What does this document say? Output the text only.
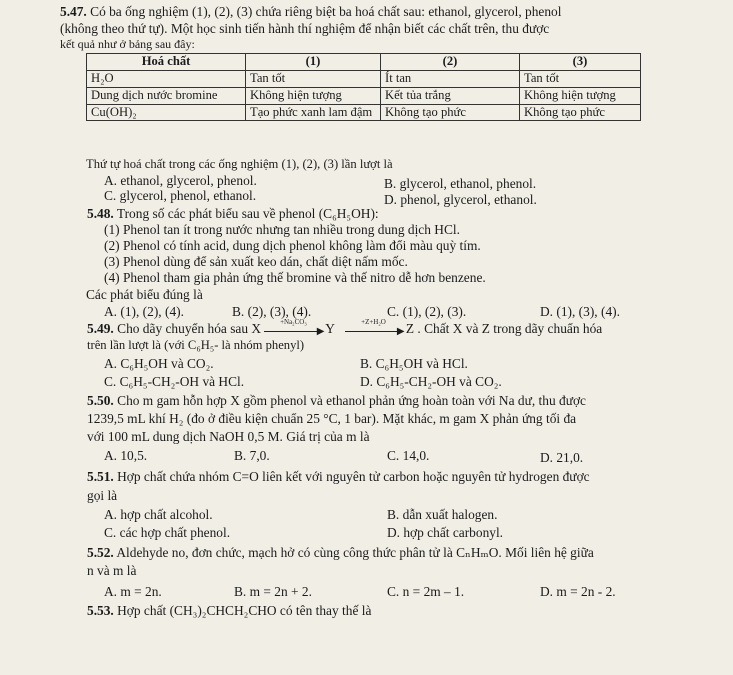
5.47. Có ba ống nghiệm (1), (2), (3) chứa riêng biệt ba hoá chất sau: ethanol, glycerol, phenol
(không theo thứ tự). Một học sinh tiến hành thí nghiệm để nhận biết các chất trên, thu được
kết quả như ở bảng sau đây:
Hoá chất	(1)	(2)	(3)
H₂O	Tan tốt	Ít tan	Tan tốt
Dung dịch nước bromine	Không hiện tượng	Kết tủa trắng	Không hiện tượng
Cu(OH)₂	Tạo phức xanh lam đậm	Không tạo phức	Không tạo phức
Thứ tự hoá chất trong các ống nghiệm (1), (2), (3) lần lượt là
A. ethanol, glycerol, phenol.	B. glycerol, ethanol, phenol.
C. glycerol, phenol, ethanol.	D. phenol, glycerol, ethanol.
5.48. Trong số các phát biểu sau về phenol (C₆H₅OH):
(1) Phenol tan ít trong nước nhưng tan nhiều trong dung dịch HCl.
(2) Phenol có tính acid, dung dịch phenol không làm đổi màu quỳ tím.
(3) Phenol dùng để sản xuất keo dán, chất diệt nấm mốc.
(4) Phenol tham gia phản ứng thế bromine và thế nitro dễ hơn benzene.
Các phát biểu đúng là
A. (1), (2), (4).	B. (2), (3), (4).	C. (1), (2), (3).	D. (1), (3), (4).
5.49. Cho dãy chuyển hóa sau X	+Na₂CO₃
▶ Y	+Z+H₂O
▶ Z . Chất X và Z trong dãy chuẩn hóa
trên lần lượt là (với C₆H₅- là nhóm phenyl)
A. C₆H₅OH và CO₂.	B. C₆H₅OH và HCl.
C. C₆H₅-CH₂-OH và HCl.	D. C₆H₅-CH₂-OH và CO₂.
5.50. Cho m gam hỗn hợp X gồm phenol và ethanol phản ứng hoàn toàn với Na dư, thu được
1239,5 mL khí H₂ (đo ở điều kiện chuẩn 25 °C, 1 bar). Mặt khác, m gam X phản ứng tối đa
với 100 mL dung dịch NaOH 0,5 M. Giá trị của m là
A. 10,5.	B. 7,0.	C. 14,0.	D. 21,0.
5.51. Hợp chất chứa nhóm C=O liên kết với nguyên tử carbon hoặc nguyên tử hydrogen được
gọi là
A. hợp chất alcohol.	B. dẫn xuất halogen.
C. các hợp chất phenol.	D. hợp chất carbonyl.
5.52. Aldehyde no, đơn chức, mạch hở có cùng công thức phân tử là CₙHₘO. Mối liên hệ giữa
n và m là
A. m = 2n.	B. m = 2n + 2.	C. n = 2m – 1.	D. m = 2n - 2.
5.53. Hợp chất (CH₃)₂CHCH₂CHO có tên thay thế là
